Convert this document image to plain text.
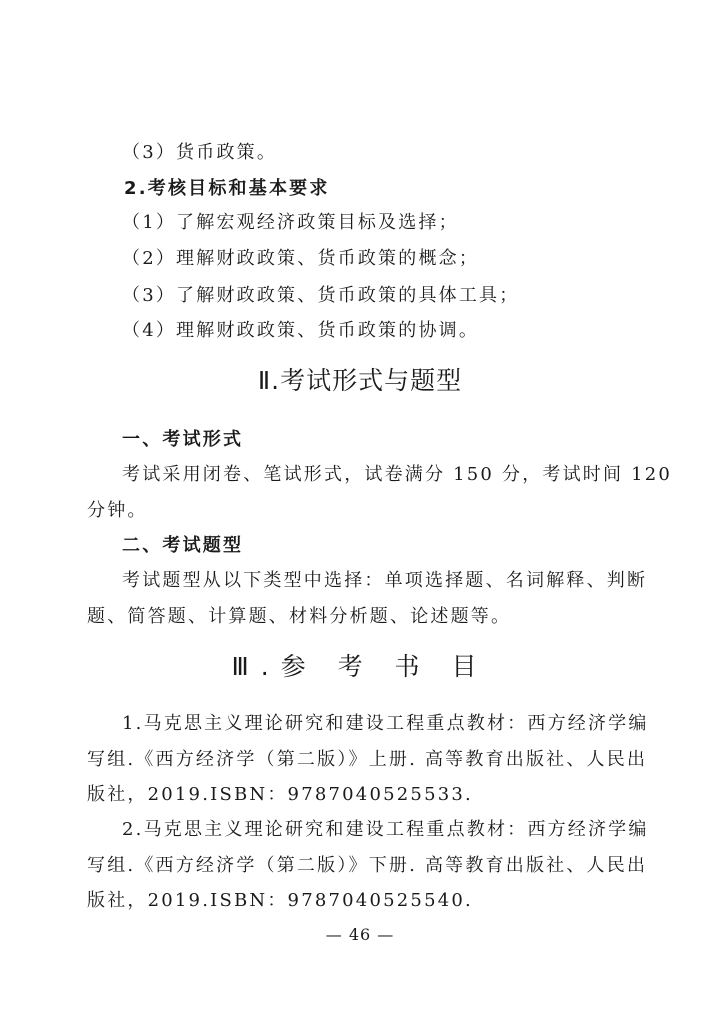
（3）货币政策。
2.考核目标和基本要求
（1）了解宏观经济政策目标及选择；
（2）理解财政政策、货币政策的概念；
（3）了解财政政策、货币政策的具体工具；
（4）理解财政政策、货币政策的协调。
Ⅱ.考试形式与题型
一、考试形式
考试采用闭卷、笔试形式，试卷满分 150 分，考试时间 120
分钟。
二、考试题型
考试题型从以下类型中选择：单项选择题、名词解释、判断
题、简答题、计算题、材料分析题、论述题等。
Ⅲ.参 考 书 目
1.马克思主义理论研究和建设工程重点教材：西方经济学编
写组.《西方经济学（第二版）》上册. 高等教育出版社、人民出
版社，2019.ISBN：9787040525533.
2.马克思主义理论研究和建设工程重点教材：西方经济学编
写组.《西方经济学（第二版）》下册. 高等教育出版社、人民出
版社，2019.ISBN：9787040525540.
— 46 —
